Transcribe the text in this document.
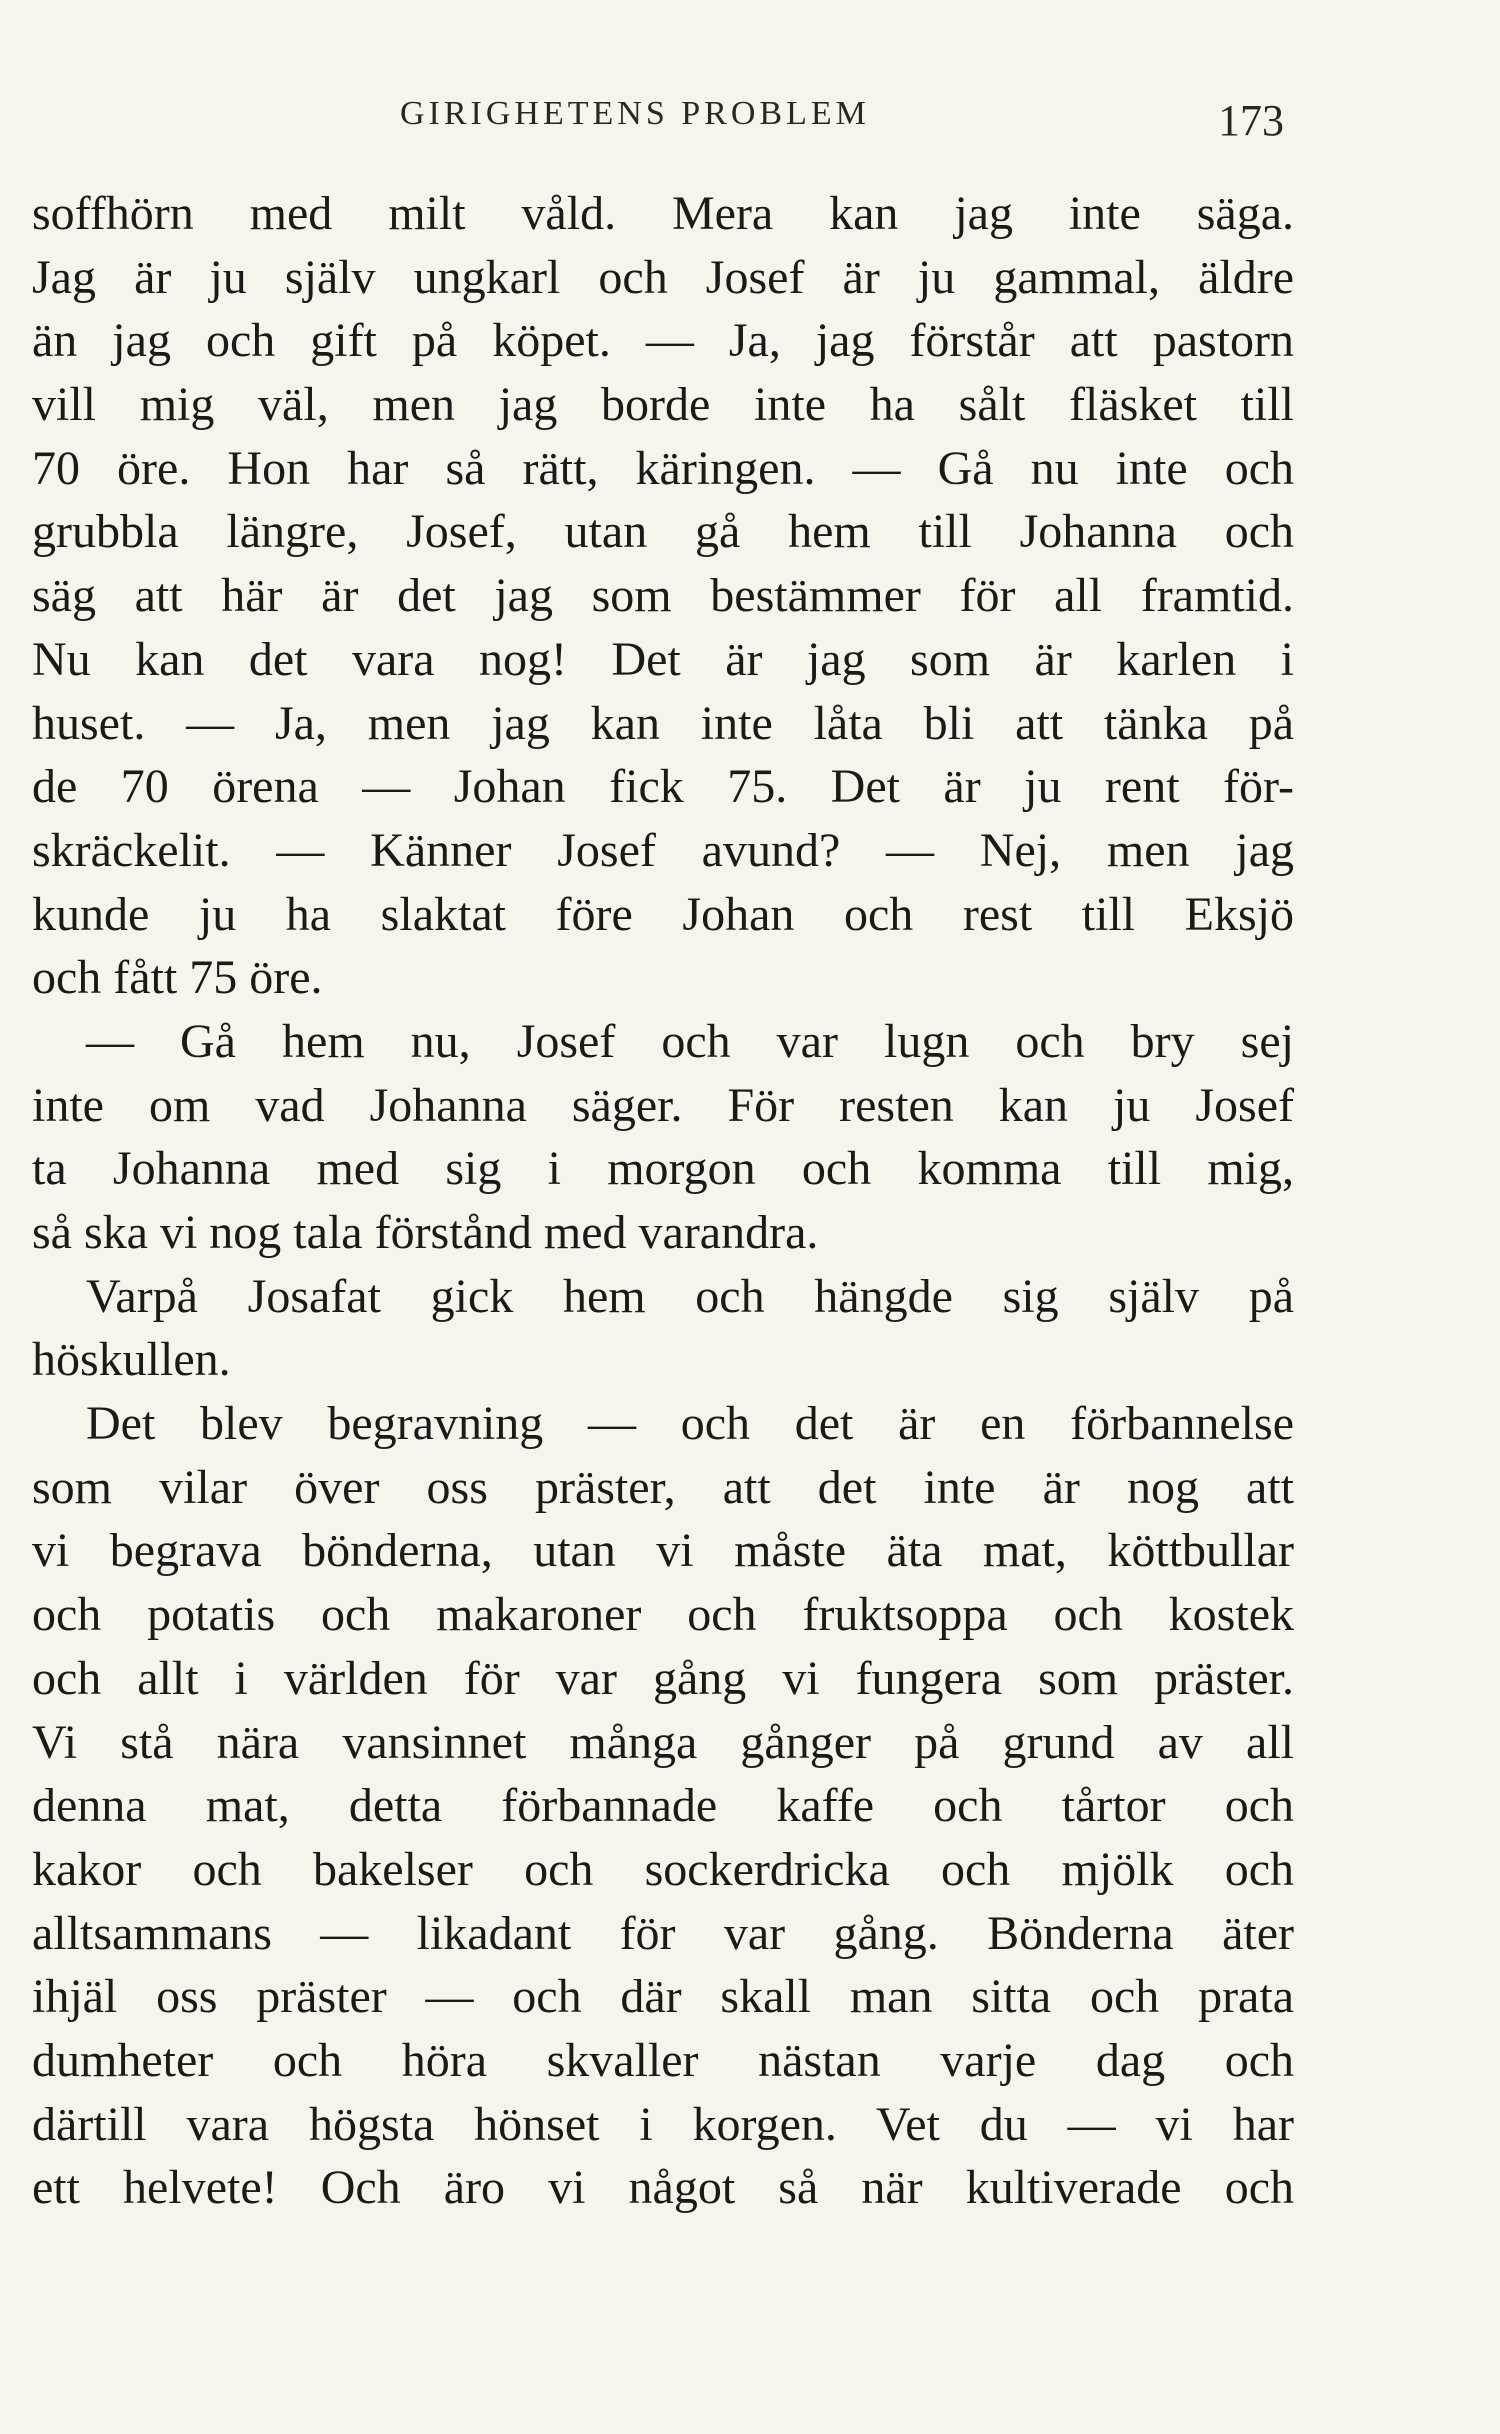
GIRIGHETENS PROBLEM	173
soffhörn med milt våld. Mera kan jag inte säga.
Jag är ju själv ungkarl och Josef är ju gammal, äldre
än jag och gift på köpet. — Ja, jag förstår att pastorn
vill mig väl, men jag borde inte ha sålt fläsket till
70 öre. Hon har så rätt, käringen. — Gå nu inte och
grubbla längre, Josef, utan gå hem till Johanna och
säg att här är det jag som bestämmer för all framtid.
Nu kan det vara nog! Det är jag som är karlen i
huset. — Ja, men jag kan inte låta bli att tänka på
de 70 örena — Johan fick 75. Det är ju rent för-
skräckelit. — Känner Josef avund? — Nej, men jag
kunde ju ha slaktat före Johan och rest till Eksjö
och fått 75 öre.
— Gå hem nu, Josef och var lugn och bry sej
inte om vad Johanna säger. För resten kan ju Josef
ta Johanna med sig i morgon och komma till mig,
så ska vi nog tala förstånd med varandra.
Varpå Josafat gick hem och hängde sig själv på
höskullen.
Det blev begravning — och det är en förbannelse
som vilar över oss präster, att det inte är nog att
vi begrava bönderna, utan vi måste äta mat, köttbullar
och potatis och makaroner och fruktsoppa och kostek
och allt i världen för var gång vi fungera som präster.
Vi stå nära vansinnet många gånger på grund av all
denna mat, detta förbannade kaffe och tårtor och
kakor och bakelser och sockerdricka och mjölk och
alltsammans — likadant för var gång. Bönderna äter
ihjäl oss präster — och där skall man sitta och prata
dumheter och höra skvaller nästan varje dag och
därtill vara högsta hönset i korgen. Vet du — vi har
ett helvete! Och äro vi något så när kultiverade och
